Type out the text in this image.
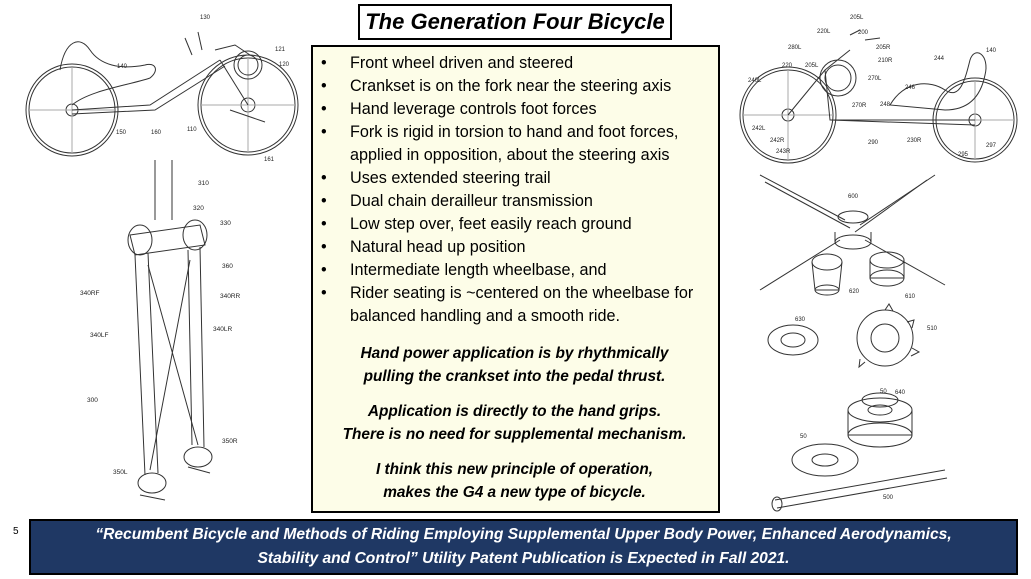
The Generation Four Bicycle
130
121
120
140
150	160	110
161
310
320
330
360
340RF	340RR
340LF
340LR
300
350R
350L
205L
200
220L
205R
210R
280L
220 205L
270L
140
244
246
248
240L
242L
242R
270R
243R
290	230R
297
295
600
620
610
630
510
50
50
500
640
• Front wheel driven and steered
• Crankset is on the fork near the steering axis
• Hand leverage controls foot forces
• Fork is rigid in torsion to hand and foot forces, applied in opposition, about the steering axis
• Uses extended steering trail
• Dual chain derailleur transmission
• Low step over, feet easily reach ground
• Natural head up position
• Intermediate length wheelbase, and
• Rider seating is ~centered on the wheelbase for balanced handling and a smooth ride.

Hand power application is by rhythmically
pulling the crankset into the pedal thrust.

Application is directly to the hand grips.
There is no need for supplemental mechanism.

I think this new principle of operation,
makes the G4 a new type of bicycle.

5	“Recumbent Bicycle and Methods of Riding Employing Supplemental Upper Body Power, Enhanced Aerodynamics,
Stability and Control” Utility Patent Publication is Expected in Fall 2021.
